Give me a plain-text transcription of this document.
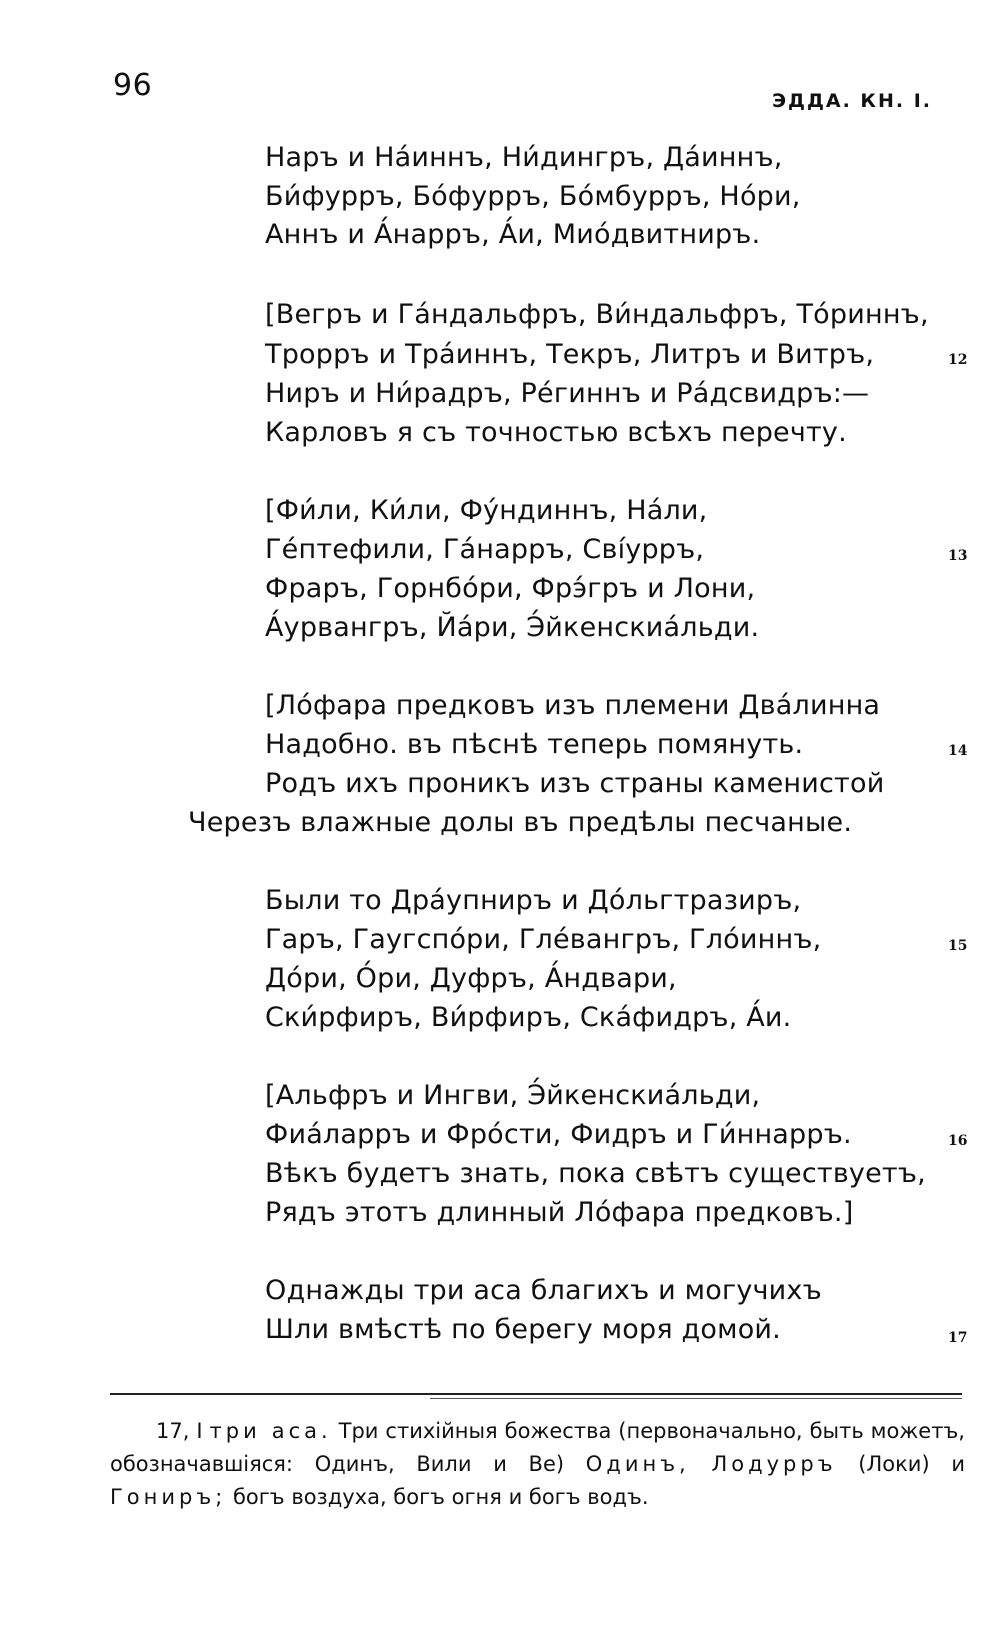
96	ЭДДА. КН. I.
Наръ и На́иннъ, Ни́дингръ, Да́иннъ,
Би́фурръ, Бо́фурръ, Бо́мбурръ, Но́ри,
Аннъ и А́нарръ, А́и, Мио́двитниръ.
[Вегръ и Га́ндальфръ, Ви́ндальфръ, То́риннъ,
Трорръ и Тра́иннъ, Текръ, Литръ и Витръ,	12
Ниръ и Ни́радръ, Ре́гиннъ и Ра́дсвидръ:—
Карловъ я съ точностью всѣхъ перечту.
[Фи́ли, Ки́ли, Фу́ндиннъ, На́ли,
Ге́птефили, Га́нарръ, Свíурръ,	13
Фраръ, Горнбо́ри, Фрэ́гръ и Лони,
А́урвангръ, Йа́ри, Э́йкенскиа́льди.
[Ло́фара предковъ изъ племени Два́линна
Надобно. въ пѣснѣ теперь помянуть.	14
Родъ ихъ проникъ изъ страны каменистой
Черезъ влажные долы въ предѣлы песчаные.
Были то Дра́упниръ и До́льгтразиръ,
Гаръ, Гаугспо́ри, Гле́вангръ, Гло́иннъ,	15
До́ри, О́ри, Дуфръ, А́ндвари,
Ски́рфиръ, Ви́рфиръ, Ска́фидръ, А́и.
[Альфръ и Ингви, Э́йкенскиа́льди,
Фиа́ларръ и Фро́сти, Фидръ и Ги́ннарръ.	16
Вѣкъ будетъ знать, пока свѣтъ существуетъ,
Рядъ этотъ длинный Ло́фара предковъ.]
Однажды три аса благихъ и могучихъ
Шли вмѣстѣ по берегу моря домой.	17
17, I три аса. Три стихійныя божества (первоначально, быть можетъ, обозначавшіяся: Одинъ, Вили и Ве) Одинъ, Лодурръ (Локи) и Гониръ; богъ воздуха, богъ огня и богъ водъ.
